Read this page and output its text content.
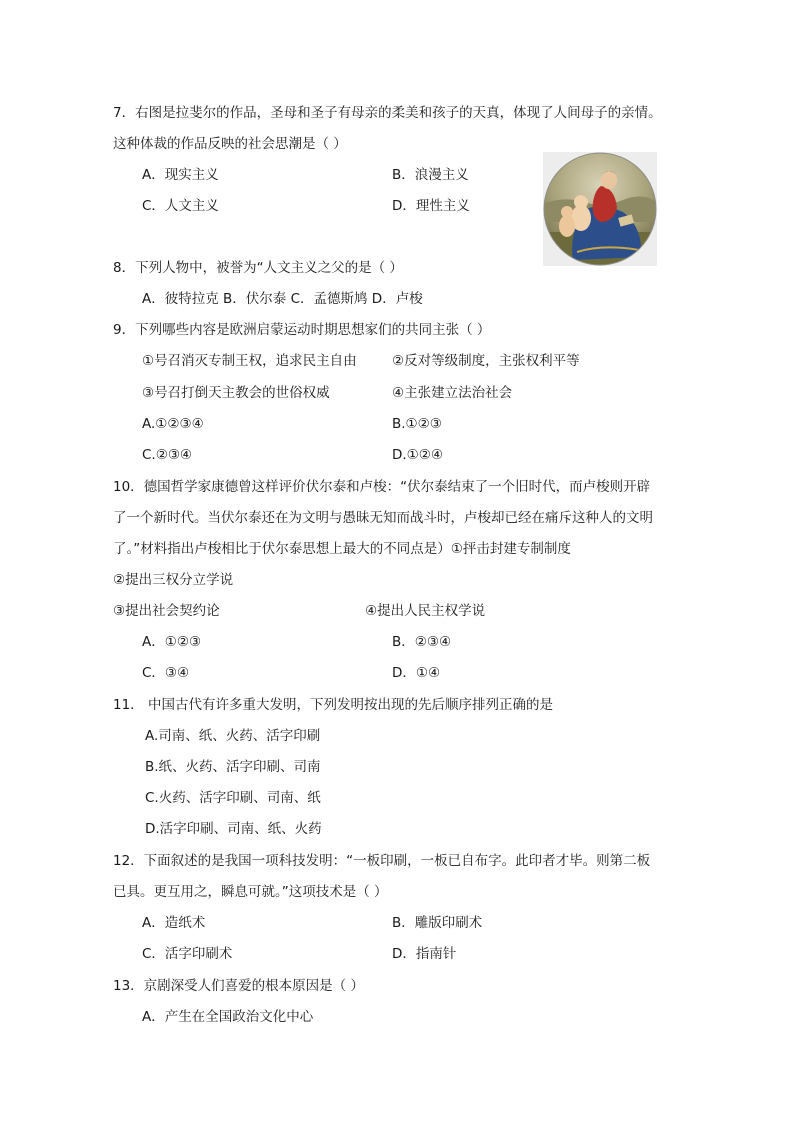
7．右图是拉斐尔的作品，圣母和圣子有母亲的柔美和孩子的天真，体现了人间母子的亲情。
这种体裁的作品反映的社会思潮是（ ）
A．现实主义	B．浪漫主义
C．人文主义	D．理性主义
8．下列人物中，被誉为“人文主义之父的是（ ）
A．彼特拉克 B．伏尔泰 C．孟德斯鸠 D．卢梭
9．下列哪些内容是欧洲启蒙运动时期思想家们的共同主张（ ）
①号召消灭专制王权，追求民主自由	②反对等级制度，主张权利平等
③号召打倒天主教会的世俗权威	④主张建立法治社会
A.①②③④	B.①②③
C.②③④	D.①②④
10．德国哲学家康德曾这样评价伏尔泰和卢梭：“伏尔泰结束了一个旧时代，而卢梭则开辟
了一个新时代。当伏尔泰还在为文明与愚昧无知而战斗时，卢梭却已经在痛斥这种人的文明
了。”材料指出卢梭相比于伏尔泰思想上最大的不同点是）①抨击封建专制制度
②提出三权分立学说
③提出社会契约论	④提出人民主权学说
A．①②③	B．②③④
C．③④	D．①④
11． 中国古代有许多重大发明，下列发明按出现的先后顺序排列正确的是
A.司南、纸、火药、活字印刷
B.纸、火药、活字印刷、司南
C.火药、活字印刷、司南、纸
D.活字印刷、司南、纸、火药
12．下面叙述的是我国一项科技发明：“一板印刷，一板已自布字。此印者才毕。则第二板
已具。更互用之，瞬息可就。”这项技术是（ ）
A．造纸术	B．雕版印刷术
C．活字印刷术	D．指南针
13．京剧深受人们喜爱的根本原因是（ ）
A．产生在全国政治文化中心
